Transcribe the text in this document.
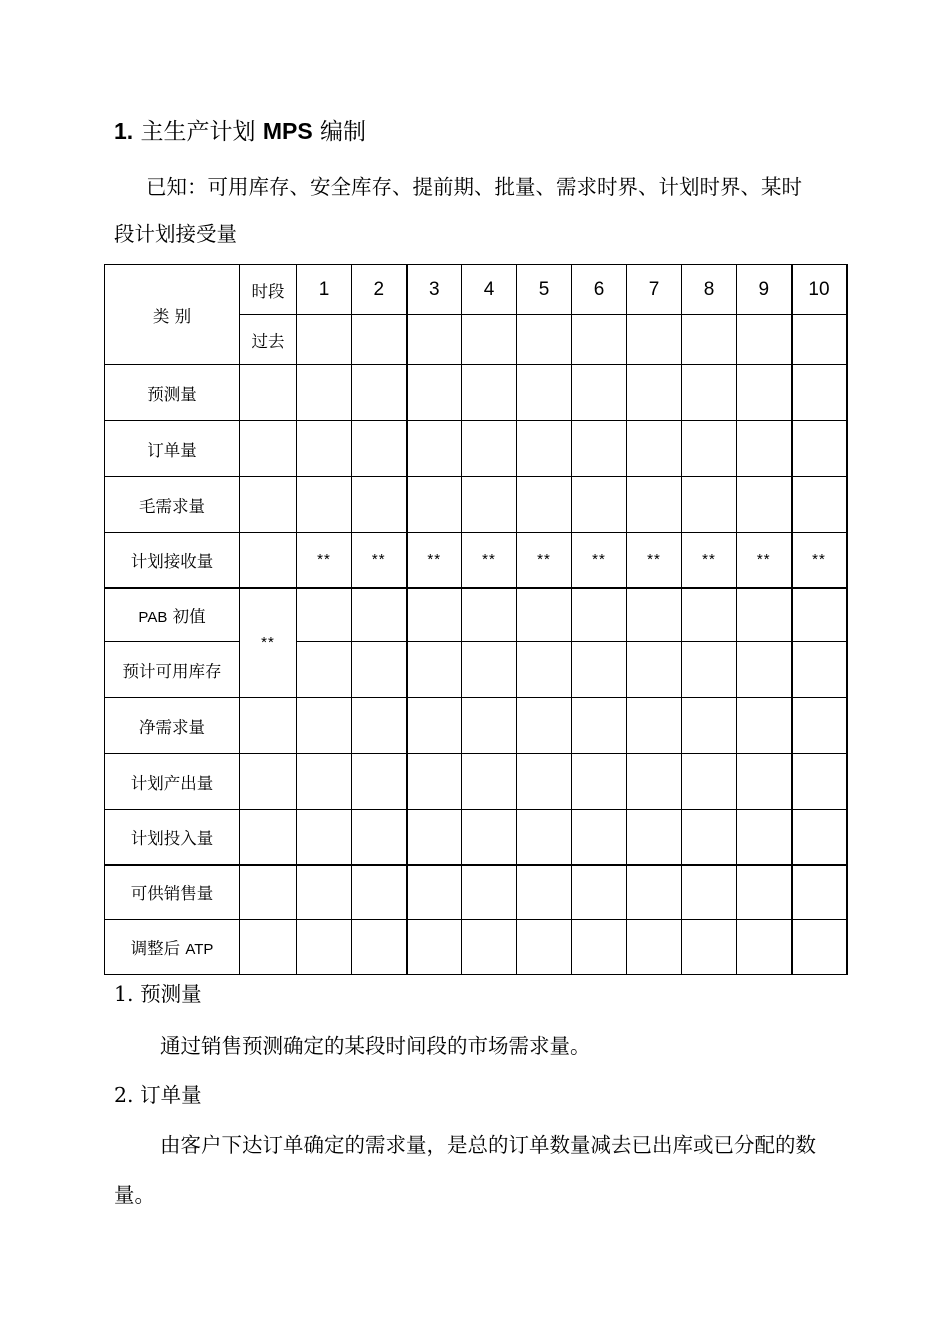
1. 主生产计划 MPS 编制
已知：可用库存、安全库存、提前期、批量、需求时界、计划时界、某时
段计划接受量
类 别	时段	1	2	3	4	5	6	7	8	9	10
	过去										
预测量											
订单量											
毛需求量											
计划接收量		**	**	**	**	**	**	**	**	**	**
PAB 初值	**										
预计可用库存											
净需求量											
计划产出量											
计划投入量											
可供销售量											
调整后 ATP											
1. 预测量
通过销售预测确定的某段时间段的市场需求量。
2. 订单量
由客户下达订单确定的需求量，是总的订单数量减去已出库或已分配的数
量。
